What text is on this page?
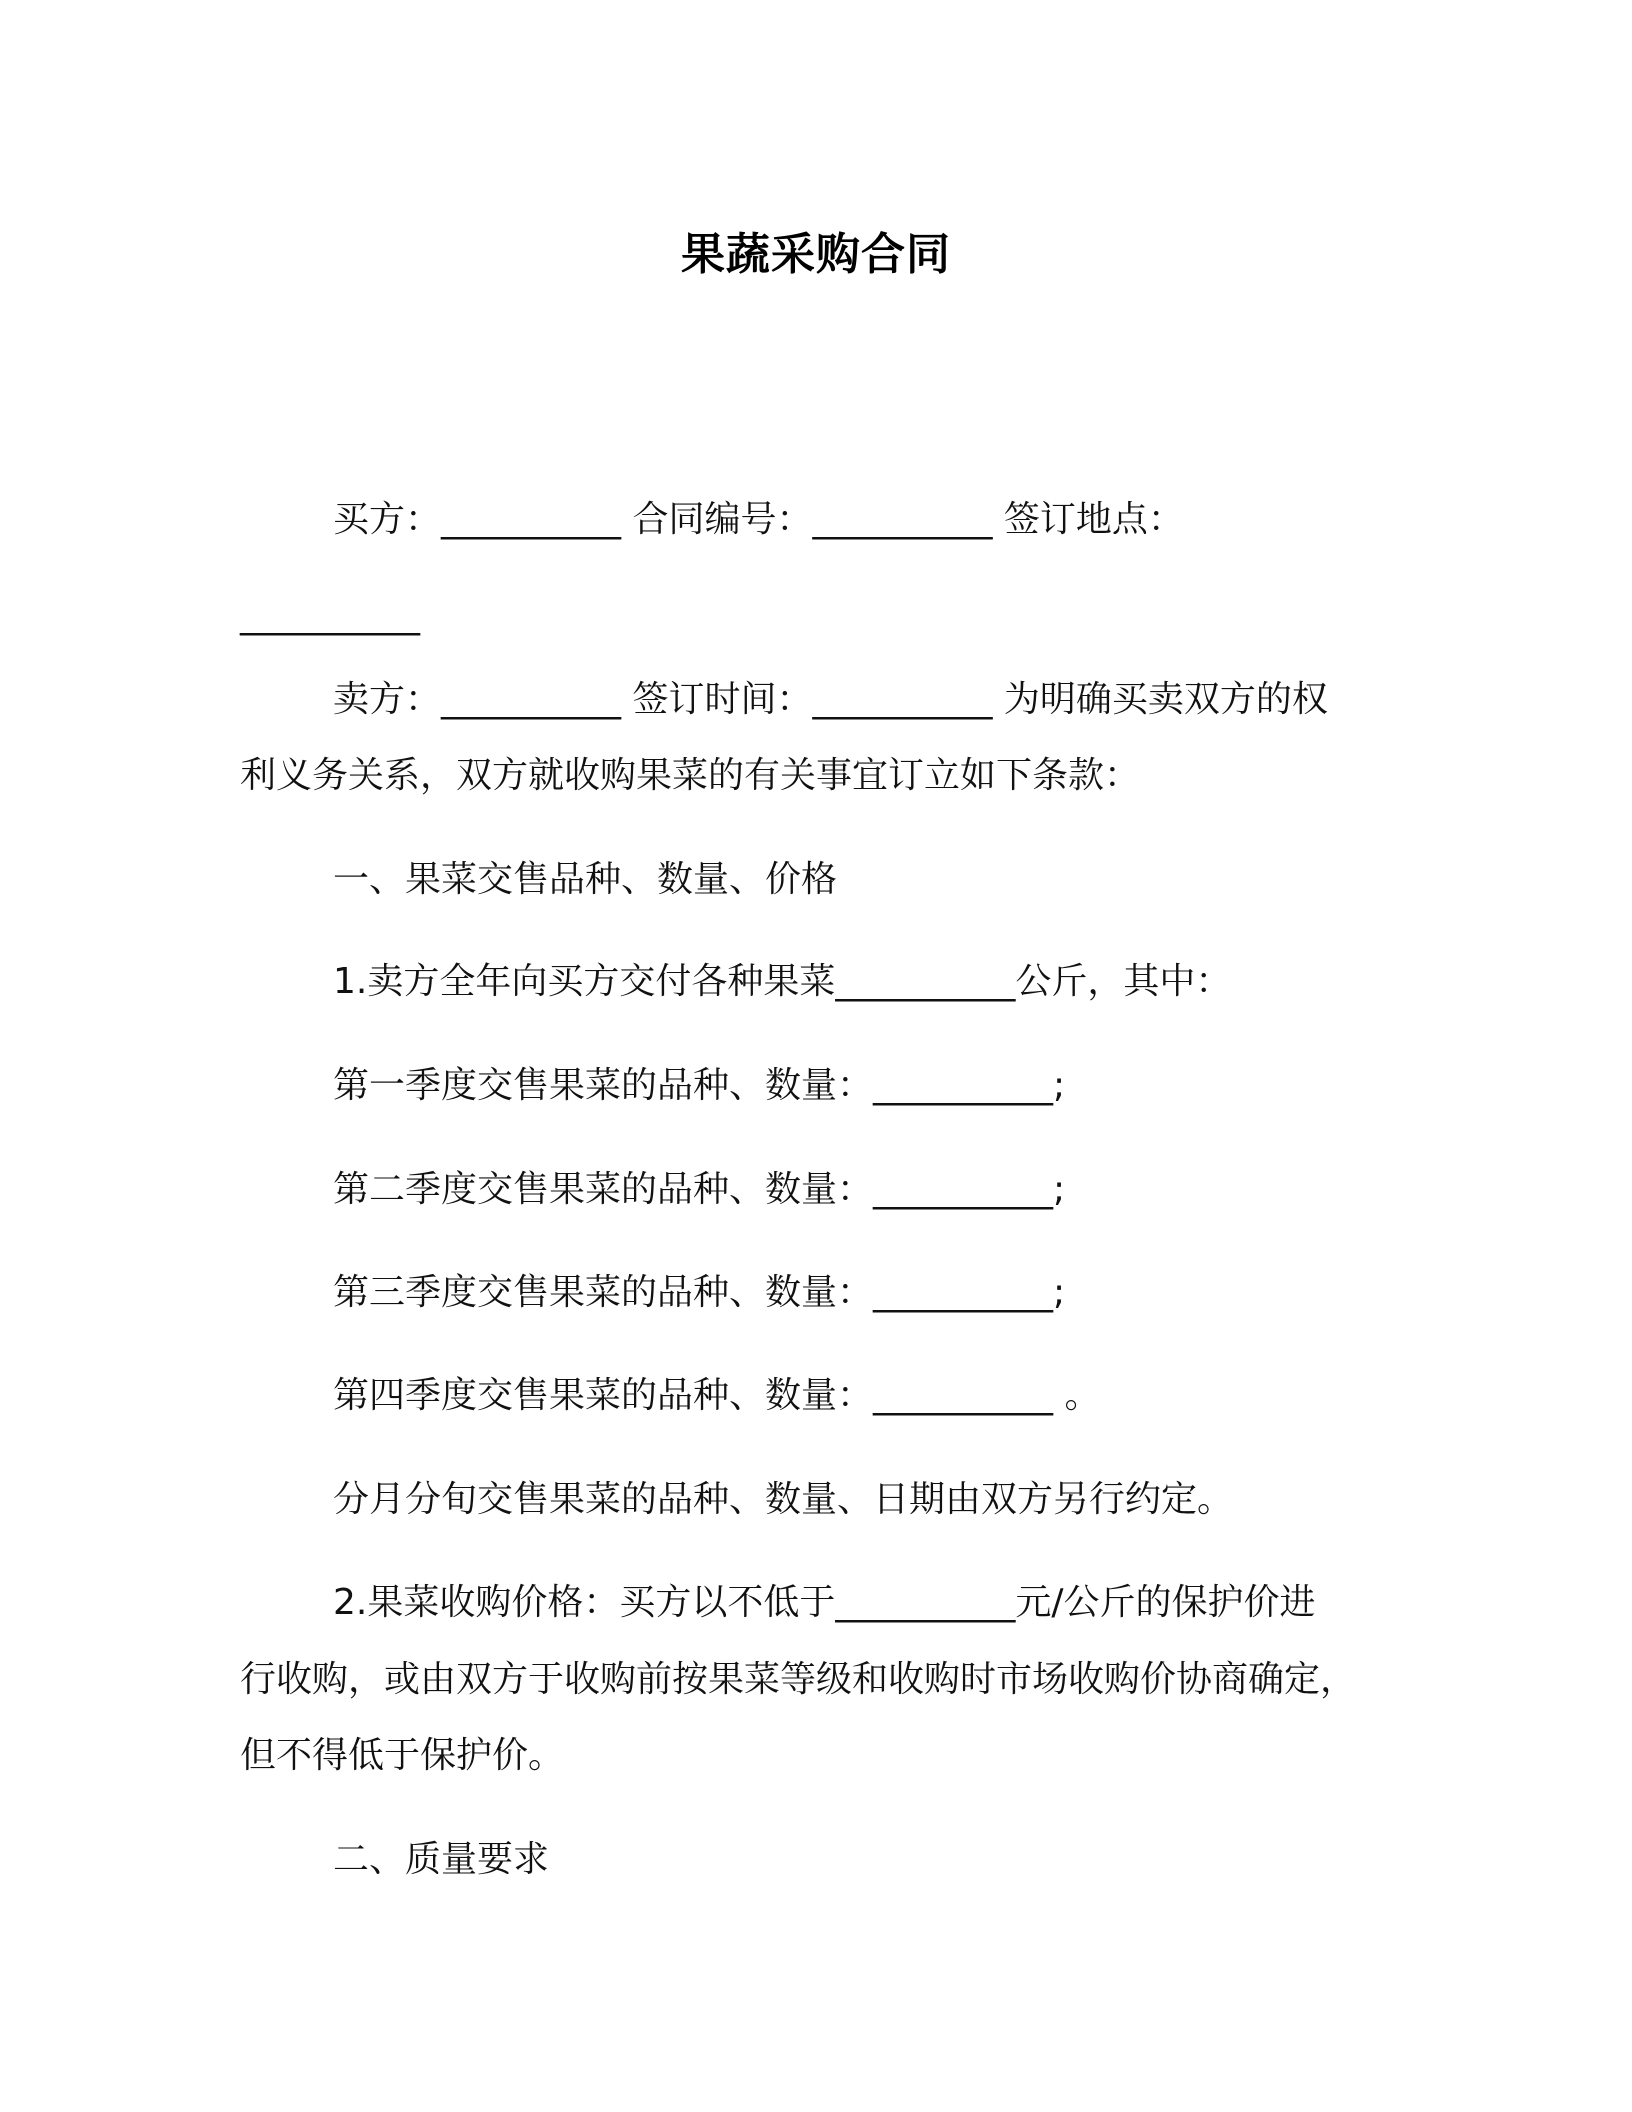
果蔬采购合同
买方：__________ 合同编号：__________ 签订地点：
__________
卖方：__________ 签订时间：__________ 为明确买卖双方的权
利义务关系，双方就收购果菜的有关事宜订立如下条款：
一、果菜交售品种、数量、价格
1.卖方全年向买方交付各种果菜__________公斤，其中：
第一季度交售果菜的品种、数量：__________;
第二季度交售果菜的品种、数量：__________;
第三季度交售果菜的品种、数量：__________;
第四季度交售果菜的品种、数量：__________ 。
分月分旬交售果菜的品种、数量、日期由双方另行约定。
2.果菜收购价格：买方以不低于__________元/公斤的保护价进
行收购，或由双方于收购前按果菜等级和收购时市场收购价协商确定，
但不得低于保护价。
二、质量要求
